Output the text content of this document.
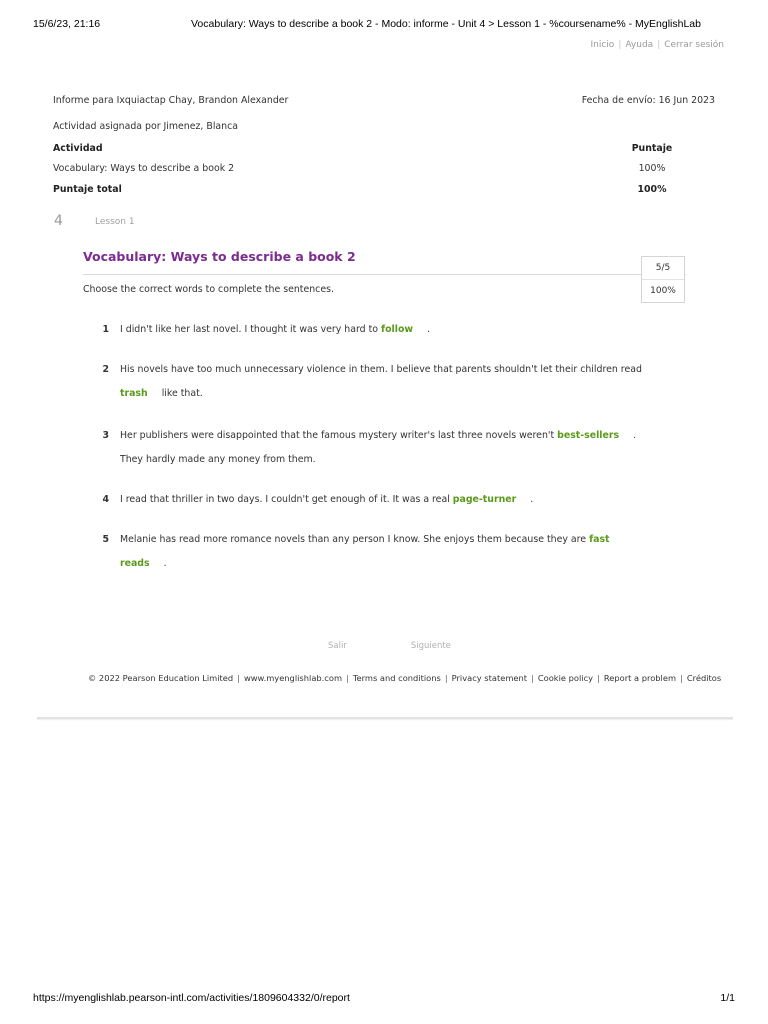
15/6/23, 21:16	Vocabulary: Ways to describe a book 2 - Modo: informe - Unit 4 > Lesson 1 - %coursename% - MyEnglishLab
Inicio | Ayuda | Cerrar sesión
Informe para Ixquiactap Chay, Brandon Alexander	Fecha de envío: 16 Jun 2023
Actividad asignada por Jimenez, Blanca
Actividad	Puntaje
Vocabulary: Ways to describe a book 2	100%
Puntaje total	100%
4	Lesson 1
Vocabulary: Ways to describe a book 2
Choose the correct words to complete the sentences.
5/5
100%
1 I didn't like her last novel. I thought it was very hard to follow .
2 His novels have too much unnecessary violence in them. I believe that parents shouldn't let their children read trash like that.
3 Her publishers were disappointed that the famous mystery writer's last three novels weren't best-sellers . They hardly made any money from them.
4 I read that thriller in two days. I couldn't get enough of it. It was a real page-turner .
5 Melanie has read more romance novels than any person I know. She enjoys them because they are fast reads .
Salir	Siguiente
© 2022 Pearson Education Limited | www.myenglishlab.com | Terms and conditions | Privacy statement | Cookie policy | Report a problem | Créditos
https://myenglishlab.pearson-intl.com/activities/1809604332/0/report	1/1
